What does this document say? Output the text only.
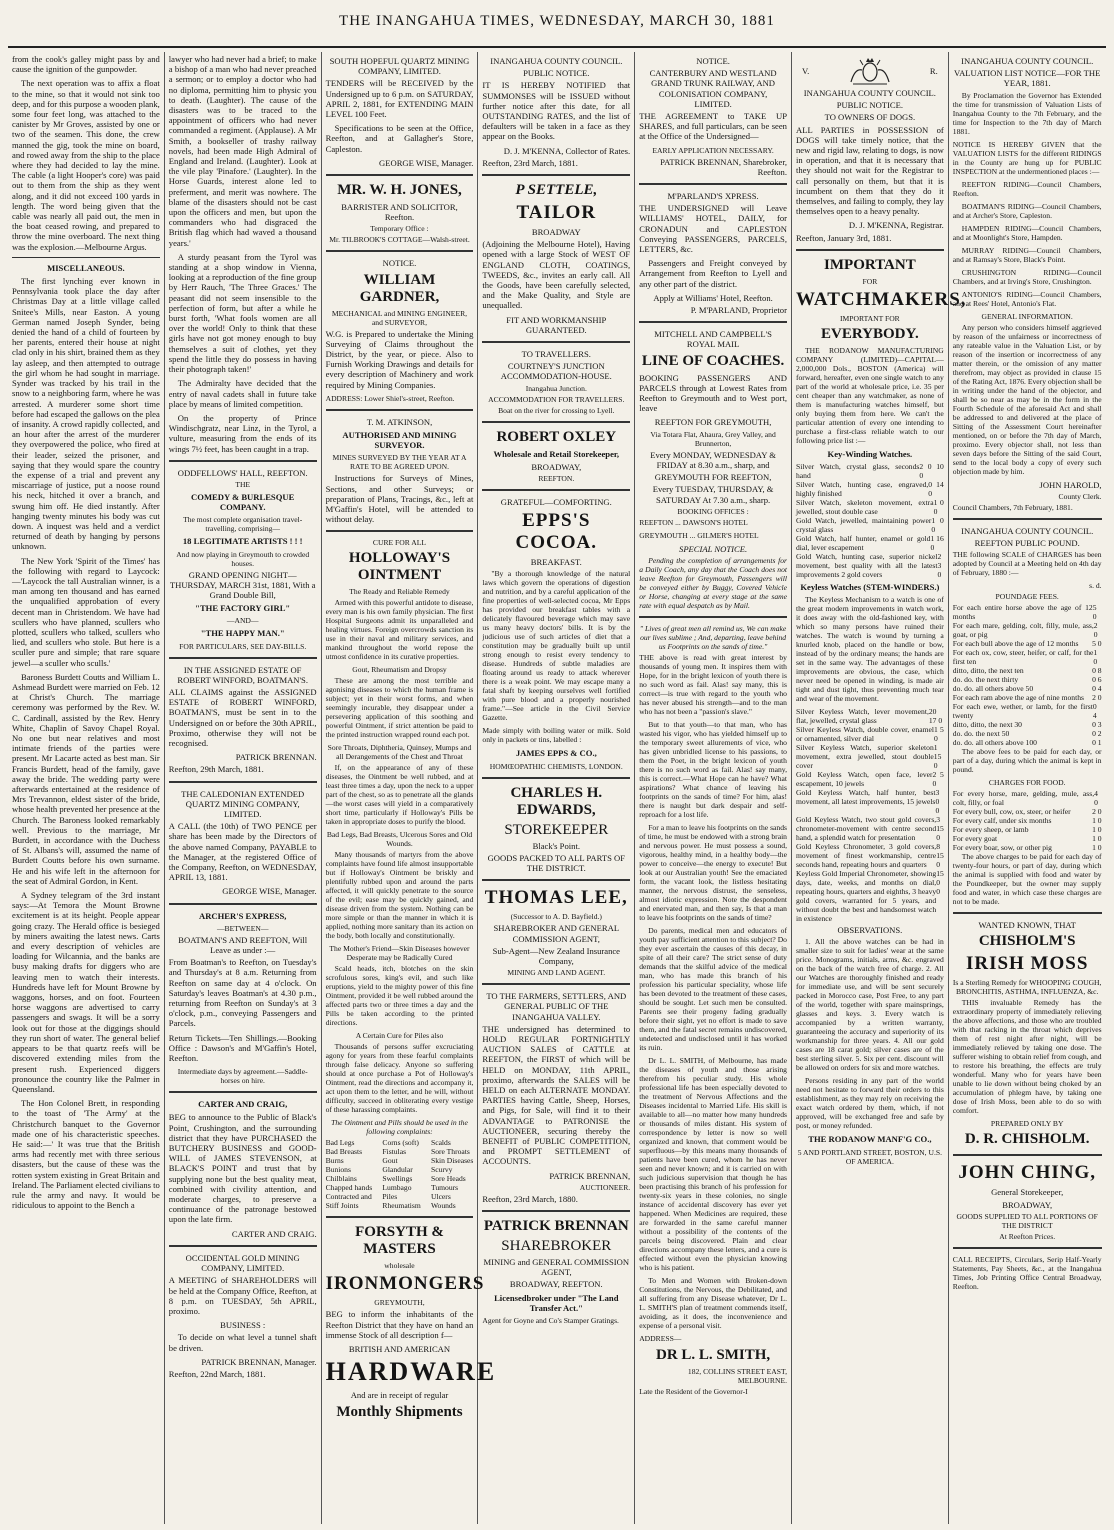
THE INANGAHUA TIMES, WEDNESDAY, MARCH 30, 1881

from the cook's galley might pass by and cause the ignition of the gunpowder.

The next operation was to affix a float to the mine, so that it would not sink too deep, and for this purpose a wooden plank, some four feet long, was attached to the canister by Mr Groves, assisted by one or two of the seamen. This done, the crew manned the gig, took the mine on board, and rowed away from the ship to the place where they had decided to lay the mine. The cable (a light Hooper's core) was paid out to them from the ship as they went along, and it did not exceed 100 yards in length. The word being given that the cable was nearly all paid out, the men in the boat ceased rowing, and prepared to throw the mine overboard. The next thing was the explosion.—Melbourne Argus.

MISCELLANEOUS.

The first lynching ever known in Pennsylvania took place the day after Christmas Day at a little village called Snitee's Mills, near Easton. A young German named Joseph Synder, being denied the hand of a child of fourteen by her parents, entered their house at night clad only in his shirt, brained them as they lay asleep, and then attempted to outrage the girl whom he had sought in marriage. Synder was tracked by his trail in the snow to a neighboring farm, where he was arrested. A murderer some short time before had escaped the gallows on the plea of insanity. A crowd rapidly collected, and an hour after the arrest of the murderer they overpowered the police, who fired at their leader, seized the prisoner, and saying that they would spare the country the expense of a trial and prevent any miscarriage of justice, put a noose round his neck, hitched it over a branch, and swung him off. He died instantly. After hanging twenty minutes his body was cut down. A inquest was held and a verdict returned of death by hanging by persons unknown.

The New York 'Spirit of the Times' has the following with regard to Laycock:—'Laycock the tall Australian winner, is a man among ten thousand and has earned the unqualified approbation of every decent man in Christendom. We have had scullers who have planned, scullers who plotted, scullers who talked, scullers who lied, and scullers who stole. But here is a sculler pure and simple; that rare square jewel—a sculler who sculls.'

Baroness Burdett Coutts and William L. Ashmead Burdett were married on Feb. 12 at Christ's Church. The marriage ceremony was performed by the Rev. W. C. Cardinall, assisted by the Rev. Henry White, Chaplin of Savoy Chapel Royal. No one but near relatives and most intimate friends of the parties were present. Mr Lacarte acted as best man. Sir Francis Burdett, head of the family, gave away the bride. The wedding party were afterwards entertained at the residence of Mrs Trevannon, eldest sister of the bride, whose health prevented her presence at the Church. The Baroness looked remarkably well. Previous to the marriage, Mr Burdett, in accordance with the Duchess of St. Albans's will, assumed the name of Burdett Coutts before his own surname. He and his wife left in the afternoon for the seat of Admiral Gordon, in Kent.

A Sydney telegram of the 3rd instant says:—At Temora the Mount Browne excitement is at its height. People appear going crazy. The Herald office is besieged by miners awaiting the latest news. Carts and every description of vehicles are loading for Wilcannia, and the banks are busy making drafts for diggers who are leaving men to watch their interests. Hundreds have left for Mount Browne by waggons, horses, and on foot. Fourteen horse waggons are advertised to carry passengers and swags. It will be a sorry look out for those at the diggings should they run short of water. The general belief appears to be that quartz reefs will be discovered extending miles from the present rush. Experienced diggers pronounce the country like the Palmer in Queensland.

The Hon Colonel Brett, in responding to the toast of 'The Army' at the Christchurch banquet to the Governor made one of his characteristic speeches. He said:—' It was true that the British arms had recently met with three serious disasters, but the cause of these was the rotten system existing in Great Britain and Ireland. The Parliament elected civilians to rule the army and navy. It would be ridiculous to appoint to the Bench a

lawyer who had never had a brief; to make a bishop of a man who had never preached a sermon; or to employ a doctor who had no diploma, permitting him to physic you to death. (Laughter). The cause of the disasters was to be traced to the appointment of officers who had never commanded a regiment. (Applause). A Mr Smith, a bookseller of trashy railway novels, had been made High Admiral of England and Ireland. (Laughter). Look at the vile play 'Pinafore.' (Laughter). In the Horse Guards, interest alone led to preferment, and merit was nowhere. The blame of the disasters should not be cast upon the officers and men, but upon the commanders who had disgraced the British flag which had waved a thousand years.'

A sturdy peasant from the Tyrol was standing at a shop window in Vienna, looking at a reproduction of the fine group by Herr Rauch, 'The Three Graces.' The peasant did not seem insensible to the perfection of form, but after a while he burst forth, 'What fools women are all over the world! Only to think that these girls have not got money enough to buy themselves a suit of clothes, yet they spend the little they do possess in having their photograph taken!'

The Admiralty have decided that the entry of naval cadets shall in future take place by means of limited competition.

On the property of Prince Windischgratz, near Linz, in the Tyrol, a vulture, measuring from the ends of its wings 7½ feet, has been caught in a trap.

ODDFELLOWS' HALL, REEFTON.

THE

COMEDY & BURLESQUE COMPANY.

The most complete organisation travel-travelling, comprising—

18 LEGITIMATE ARTISTS ! ! !

And now playing in Greymouth to crowded houses.

GRAND OPENING NIGHT— THURSDAY, MARCH 31st, 1881, With a Grand Double Bill,

"THE FACTORY GIRL"

—AND—

"THE HAPPY MAN."

FOR PARTICULARS, SEE DAY-BILLS.

IN THE ASSIGNED ESTATE OF ROBERT WINFORD, BOATMAN'S.

ALL CLAIMS against the ASSIGNED ESTATE of ROBERT WINFORD, BOATMAN'S, must be sent in to the Undersigned on or before the 30th APRIL, Proximo, otherwise they will not be recognised.

PATRICK BRENNAN.

Reefton, 29th March, 1881.

THE CALEDONIAN EXTENDED QUARTZ MINING COMPANY, LIMITED.

A CALL (the 10th) of TWO PENCE per share has been made by the Directors of the above named Company, PAYABLE to the Manager, at the registered Office of the Company, Reefton, on WEDNESDAY, APRIL 13, 1881.

GEORGE WISE, Manager.

ARCHER'S EXPRESS,

—BETWEEN—

BOATMAN'S AND REEFTON, Will Leave as under :—

From Boatman's to Reefton, on Tuesday's and Thursday's at 8 a.m. Returning from Reefton on same day at 4 o'clock. On Saturday's leaves Boatman's at 4.30 p.m., returning from Reefton on Sunday's at 3 o'clock, p.m., conveying Passengers and Parcels.

Return Tickets—Ten Shillings.—Booking Office : Dawson's and M'Gaffin's Hotel, Reefton.

Intermediate days by agreement.—Saddle-horses on hire.

CARTER AND CRAIG,

BEG to announce to the Public of Black's Point, Crushington, and the surrounding district that they have PURCHASED the BUTCHERY BUSINESS and GOOD-WILL of JAMES STEVENSON, at BLACK'S POINT and trust that by supplying none but the best quality meat, combined with civility attention, and moderate charges, to preserve a continuance of the patronage bestowed upon the late firm.

CARTER AND CRAIG.

OCCIDENTAL GOLD MINING COMPANY, LIMITED.

A MEETING of SHAREHOLDERS will be held at the Company Office, Reefton, at 8 p.m. on TUESDAY, 5th APRIL, proximo.

BUSINESS :

To decide on what level a tunnel shaft be driven.

PATRICK BRENNAN, Manager.

Reefton, 22nd March, 1881.

SOUTH HOPEFUL QUARTZ MINING COMPANY, LIMITED.

TENDERS will be RECEIVED by the Undersigned up to 6 p.m. on SATURDAY, APRIL 2, 1881, for EXTENDING MAIN LEVEL 100 Feet.

Specifications to be seen at the Office, Reefton, and at Gallagher's Store, Capleston.

GEORGE WISE, Manager.

MR. W. H. JONES,

BARRISTER AND SOLICITOR, Reefton.

Temporary Office :

Mr. TILBROOK'S COTTAGE—Walsh-street.

NOTICE.

WILLIAM GARDNER,

MECHANICAL and MINING ENGINEER, and SURVEYOR,

W.G. is Prepared to undertake the Mining Surveying of Claims throughout the District, by the year, or piece. Also to Furnish Working Drawings and details for every description of Machinery and work required by Mining Companies.

ADDRESS: Lower Shiel's-street, Reefton.

T. M. ATKINSON,

AUTHORISED AND MINING SURVEYOR.

MINES SURVEYED BY THE YEAR AT A RATE TO BE AGREED UPON.

Instructions for Surveys of Mines, Sections, and other Surveys; or preparation of Plans, Tracings, &c., left at M'Gaffin's Hotel, will be attended to without delay.

CURE FOR ALL

HOLLOWAY'S OINTMENT

The Ready and Reliable Remedy

Armed with this powerful antidote to disease, every man is his own family physician. The first Hospital Surgeons admit its unparalleled and healing virtues. Foreign overcrowds sanction its use in their naval and military services, and mankind throughout the world repose the utmost confidence in its curative properties.

Gout, Rheumatism and Dropsy

These are among the most terrible and agonising diseases to which the human frame is subject; yet in their worst forms, and when seemingly incurable, they disappear under a persevering application of this soothing and powerful Ointment, if strict attention be paid to the printed instruction wrapped round each pot.

Sore Throats, Diphtheria, Quinsey, Mumps and all Derangements of the Chest and Throat

If, on the appearance of any of these diseases, the Ointment be well rubbed, and at least three times a day, upon the neck to a upper part of the chest, so as to penetrate all the glands—the worst cases will yield in a comparatively short time, particularly if Holloway's Pills be taken in appropriate doses to purify the blood.

Bad Legs, Bad Breasts, Ulcerous Sores and Old Wounds.

Many thousands of martyrs from the above complaints have found life almost insupportable but if Holloway's Ointment be briskly and plentifully rubbed upon and around the parts affected, it will quickly penetrate to the source of the evil; ease may be quickly gained, and disease driven from the system. Nothing can be more simple or than the manner in which it is applied, nothing more sanitary than its action on the body, both locally and constitutionally.

The Mother's Friend—Skin Diseases however Desperate may be Radically Cured

Scald heads, itch, blotches on the skin scrofulous sores, king's evil, and such like eruptions, yield to the mighty power of this fine Ointment, provided it be well rubbed around the affected parts two or three times a day and the Pills be taken according to the printed directions.

A Certain Cure for Piles also

Thousands of persons suffer excruciating agony for years from these fearful complaints through false delicacy. Anyone so suffering should at once purchase a Pot of Holloway's Ointment, read the directions and accompany it, act upon them to the letter, and he will, without difficulty, succeed in obliterating every vestige of these harassing complaints.

The Ointment and Pills should be used in the following complaints:

Bad Legs
Bad Breasts
Burns
Bunions
Chilblains
Chapped hands
Contracted and
Stiff Joints
Corns (soft)
Fistulas
Gout
Glandular
Swellings
Lumbago
Piles
Rheumatism
Scalds
Sore Throats
Skin Diseases
Scurvy
Sore Heads
Tumours
Ulcers
Wounds

FORSYTH & MASTERS

wholesale

IRONMONGERS

GREYMOUTH,

BEG to inform the inhabitants of the Reefton District that they have on hand an immense Stock of all description f—

BRITISH AND AMERICAN

HARDWARE

And are in receipt of regular

Monthly Shipments

INANGAHUA COUNTY COUNCIL.

PUBLIC NOTICE.

IT IS HEREBY NOTIFIED that SUMMONSES will be ISSUED without further notice after this date, for all OUTSTANDING RATES, and the list of defaulters will be taken in a face as they appear on the Books.

D. J. M'KENNA, Collector of Rates.

Reefton, 23rd March, 1881.

P SETTELE,

TAILOR

BROADWAY

(Adjoining the Melbourne Hotel), Having opened with a large Stock of WEST OF ENGLAND CLOTH, COATINGS, TWEEDS, &c., invites an early call. All the Goods, have been carefully selected, and the Make Quality, and Style are unequalled.

FIT AND WORKMANSHIP GUARANTEED.

TO TRAVELLERS.

COURTNEY'S JUNCTION ACCOMMODATION-HOUSE.

Inangahua Junction.

ACCOMMODATION FOR TRAVELLERS.

Boat on the river for crossing to Lyell.

ROBERT OXLEY

Wholesale and Retail Storekeeper,

BROADWAY,

REEFTON.

GRATEFUL—COMFORTING.

EPPS'S COCOA.

BREAKFAST.

"By a thorough knowledge of the natural laws which govern the operations of digestion and nutrition, and by a careful application of the fine properties of well-selected cocoa, Mr Epps has provided our breakfast tables with a delicately flavoured beverage which may save us many heavy doctors' bills. It is by the judicious use of such articles of diet that a constitution may be gradually built up until strong enough to resist every tendency to disease. Hundreds of subtle maladies are floating around us ready to attack wherever there is a weak point. We may escape many a fatal shaft by keeping ourselves well fortified with pure blood and a properly nourished frame."—See article in the Civil Service Gazette.

Made simply with boiling water or milk. Sold only in packets or tins, labelled :

JAMES EPPS & CO.,

HOMŒOPATHIC CHEMISTS, LONDON.

CHARLES H. EDWARDS,

STOREKEEPER

Black's Point.

GOODS PACKED TO ALL PARTS OF THE DISTRICT.

THOMAS LEE,

(Successor to A. D. Bayfield.)

SHAREBROKER AND GENERAL COMMISSION AGENT,

Sub-Agent—New Zealand Insurance Company,

MINING AND LAND AGENT.

TO THE FARMERS, SETTLERS, AND GENERAL PUBLIC OF THE INANGAHUA VALLEY.

THE undersigned has determined to HOLD REGULAR FORTNIGHTLY AUCTION SALES of CATTLE at REEFTON, the FIRST of which will be HELD on MONDAY, 11th APRIL, proximo, afterwards the SALES will be HELD on each ALTERNATE MONDAY. PARTIES having Cattle, Sheep, Horses, and Pigs, for Sale, will find it to their ADVANTAGE to PATRONISE the AUCTIONEER, securing thereby the BENEFIT of PUBLIC COMPETITION, and PROMPT SETTLEMENT of ACCOUNTS.

PATRICK BRENNAN,

AUCTIONEER.

Reefton, 23rd March, 1880.

PATRICK BRENNAN

SHAREBROKER

MINING and GENERAL COMMISSION AGENT,

BROADWAY, REEFTON.

Licensedbroker under "The Land Transfer Act."

Agent for Goyne and Co's Stamper Gratings.

NOTICE.

CANTERBURY AND WESTLAND GRAND TRUNK RAILWAY, AND COLONISATION COMPANY, LIMITED.

THE AGREEMENT to TAKE UP SHARES, and full particulars, can be seen at the Office of the Undersigned—

EARLY APPLICATION NECESSARY.

PATRICK BRENNAN, Sharebroker, Reefton.

M'PARLAND'S XPRESS.

THE UNDERSIGNED will Leave WILLIAMS' HOTEL, DAILY, for CRONADUN and CAPLESTON Conveying PASSENGERS, PARCELS, LETTERS, &c.

Passengers and Freight conveyed by Arrangement from Reefton to Lyell and any other part of the district.

Apply at Williams' Hotel, Reefton.

P. M'PARLAND, Proprietor

MITCHELL AND CAMPBELL'S ROYAL MAIL

LINE OF COACHES.

BOOKING PASSENGERS AND PARCELS through at Lowest Rates from Reefton to Greymouth and to West port, leave

REEFTON FOR GREYMOUTH,

Via Totara Flat, Ahaura, Grey Valley, and Brunnerton,

Every MONDAY, WEDNESDAY & FRIDAY at 8.30 a.m., sharp, and

GREYMOUTH FOR REEFTON,

Every TUESDAY, THURSDAY, & SATURDAY At 7.30 a.m., sharp.

BOOKING OFFICES :

REEFTON ... DAWSON'S HOTEL

GREYMOUTH ... GILMER'S HOTEL

SPECIAL NOTICE.

Pending the completion of arrangements for a Daily Coach, any day that the Coach does not leave Reefton for Greymouth, Passengers will be conveyed either by Buggy, Covered Vehicle or Horse, changing at every stage at the same rate with equal despatch as by Mail.

" Lives of great men all remind us, We can make our lives sublime ; And, departing, leave behind us Footprints on the sands of time."

THE above is read with great interest by thousands of young men. It inspires them with Hope, for in the bright lexicon of youth there is no such word as fail. Alas! say many, this is correct—is true with regard to the youth who has never abused his strength—and to the man who has not been a "passion's slave."

But to that youth—to that man, who has wasted his vigor, who has yielded himself up to the temporary sweet allurements of vice, who has given unbridled license to his passions, to them the Poet, in the bright lexicon of youth there is no such word as fail. Alas! say many, this is correct.—What Hope can he have? What aspirations? What chance of leaving his footprints on the sands of time? For him, alas! there is naught but dark despair and self-reproach for a lost life.

For a man to leave his footprints on the sands of time, he must be endowed with a strong brain and nervous power. He must possess a sound, vigorous, healthy mind, in a healthy body—the power to conceive—the energy to execute! But look at our Australian youth! See the emaciated form, the vacant look, the listless hesitating manner, the nervous distrust, the senseless, almost idiotic expression. Note the despondent and enervated man, and then say, Is that a man to leave his footprints on the sands of time?

Do parents, medical men and educators of youth pay sufficient attention to this subject? Do they ever ascertain the causes of this decay, in spite of all their care? The strict sense of duty demands that the skilful advice of the medical man, who has made this branch of his profession his particular speciality, whose life has been devoted to the treatment of these cases, should be sought. Let such men be consulted. Parents see their progeny fading gradually before their sight, yet no effort is made to save them, and the fatal secret remains undiscovered, undetected and undisclosed until it has worked its ruin.

Dr L. L. SMITH, of Melbourne, has made the diseases of youth and those arising therefrom his peculiar study. His whole professional life has been especially devoted to the treatment of Nervous Affections and the Diseases incidental to Married Life. His skill is available to all—no matter how many hundreds or thousands of miles distant. His system of correspondence by letter is now so well organized and known, that comment would be superfluous—by this means many thousands of patients have been cured, whom he has never seen and never known; and it is carried on with such judicious supervision that though he has been practising this branch of his profession for twenty-six years in these colonies, no single instance of accidental discovery has ever yet happened. When Medicines are required, these are forwarded in the same careful manner without a possibility of the contents of the parcels being discovered. Plain and clear directions accompany these letters, and a cure is effected without even the physician knowing who is his patient.

To Men and Women with Broken-down Constitutions, the Nervous, the Debilitated, and all suffering from any Disease whatever, Dr L. L. SMITH'S plan of treatment commends itself, avoiding, as it does, the inconvenience and expense of a personal visit.

ADDRESS—

DR L. L. SMITH,

182, COLLINS STREET EAST, MELBOURNE.

Late the Resident of the Governor-I

V.	R.

INANGAHUA COUNTY COUNCIL.

PUBLIC NOTICE.

TO OWNERS OF DOGS.

ALL PARTIES in POSSESSION of DOGS will take timely notice, that the new and rigid law, relating to dogs, is now in operation, and that it is necessary that they should not wait for the Registrar to call personally on them, but that it is incumbent on them that they do it themselves, and failing to comply, they lay themselves open to a heavy penalty.

D. J. M'KENNA, Registrar.

Reefton, January 3rd, 1881.

IMPORTANT

FOR

WATCHMAKERS,

IMPORTANT FOR

EVERYBODY.

THE RODANOW MANUFACTURING COMPANY (LIMITED)—CAPITAL—2,000,000 Dols., BOSTON (America) will forward, hereafter, even one single watch to any part of the world at wholesale price, i.e. 35 per cent cheaper than any watchmaker, as none of them is manufacturing watches himself, but only buying them from here. We can't the particular attention of every one intending to purchase a first-class reliable watch to our following price list :—

Key-Winding Watches.

Silver Watch, crystal glass, seconds hand
2 0 10 0
Silver Watch, hunting case, engraved, highly finished
0 14 0
Silver Watch, skeleton movement, extra jewelled, stout double case
1 0 0
Gold Watch, jewelled, maintaining power crystal glass
1 0 0
Gold Watch, half hunter, enamel or gold dial, lever escapement
1 16 0
Gold Watch, hunting case, superior nickel movement, best quality with all the latest improvements 2 gold covers
2 3 0

Keyless Watches (STEM-WINDERS.)

The Keyless Mechanism to a watch is one of the great modern improvements in watch work, it does away with the old-fashioned key, with which so many persons have ruined their watches. The watch is wound by turning a knurled knob, placed on the handle or bow, instead of by the ordinary means; the hands are set in the same way. The advantages of these improvements are obvious, the case, which never need be opened in winding, is made air tight and dust tight, thus preventing much tear and wear of the movement.

Silver Keyless Watch, lever movement, flat, jewelled, crystal glass
20 17 0
Silver Keyless Watch, double cover, enamel or ornamented, silver dial
1 5 0
Silver Keyless Watch, superior skeleton movement, extra jewelled, stout double cover
1 15 0
Gold Keyless Watch, open face, lever escapement, 10 jewels
2 5 0
Gold Keyless Watch, half hunter, best movement, all latest improvements, 15 jewels
3 0 0
Gold Keyless Watch, two stout gold covers, chronometer-movement with centre second hand, a splendid watch for presentation
3 15 0
Gold Keyless Chronometer, 3 gold covers, movement of finest workmanship, centre seconds hand, repeating hours and quarters
8 15 0
Keyless Gold Imperial Chronometer, showing days, date, weeks, and months on dial, repeating hours, quarters and eighths, 3 heavy gold covers, warranted for 5 years, and without doubt the best and handsomest watch in existence
15 0 0

OBSERVATIONS.

1. All the above watches can be had in smaller size to suit for ladies' wear at the same price. Monograms, initials, arms, &c. engraved on the back of the watch free of charge. 2. All our Watches are thoroughly finished and ready for immediate use, and will be sent securely packed in Morocco case, Post Free, to any part of the world, together with spare mainsprings, glasses and keys. 3. Every watch is accompanied by a written warranty, guaranteeing the accuracy and superiority of its workmanship for three years. 4. All our gold cases are 18 carat gold; silver cases are of the best sterling silver. 5. Six per cent. discount will be allowed on orders for six and more watches.

Persons residing in any part of the world need not hesitate to forward their orders to this establishment, as they may rely on receiving the exact watch ordered by them, which, if not approved, will be exchanged free and safe by post, or money refunded.

THE RODANOW MANF'G CO.,

5 AND PORTLAND STREET, BOSTON, U.S. OF AMERICA.

INANGAHUA COUNTY COUNCIL.

VALUATION LIST NOTICE—FOR THE YEAR, 1881.

By Proclamation the Governor has Extended the time for transmission of Valuation Lists of Inangahua County to the 7th February, and the time for Inspection to the 7th day of March 1881.

NOTICE IS HEREBY GIVEN that the VALUATION LISTS for the different RIDINGS in the County are hung up for PUBLIC INSPECTION at the undermentioned places :—

REEFTON RIDING—Council Chambers, Reefton.

BOATMAN'S RIDING—Council Chambers, and at Archer's Store, Capleston.

HAMPDEN RIDING—Council Chambers, and at Moonlight's Store, Hampden.

MURRAY RIDING—Council Chambers, and at Ramsay's Store, Black's Point.

CRUSHINGTON RIDING—Council Chambers, and at Irving's Store, Crushington.

ANTONIO'S RIDING—Council Chambers, and at Rees' Hotel, Antonio's Flat.

GENERAL INFORMATION.

Any person who considers himself aggrieved by reason of the unfairness or incorrectness of any rateable value in the Valuation List, or by reason of the insertion or incorrectness of any matter therein, or the omission of any matter therefrom, may object as provided in clause 15 of the Rating Act, 1876. Every objection shall be in writing under the hand of the objector, and shall be so near as may be in the form in the Fourth Schedule of the aforesaid Act and shall be addressed to and delivered at the place of Sitting of the Assessment Court hereinafter mentioned, on or before the 7th day of March, proximo. Every objector shall, not less than seven days before the Sitting of the said Court, send to the local body a copy of every such objection made by him.

JOHN HAROLD,

County Clerk.

Council Chambers, 7th February, 1881.

INANGAHUA COUNTY COUNCIL.

REEFTON PUBLIC POUND.

THE following SCALE of CHARGES has been adopted by Council at a Meeting held on 4th day of February, 1880 :—

s. d.

POUNDAGE FEES.

For each entire horse above the age of 12 months
5 0
For each mare, gelding, colt, filly, mule, ass, goat, or pig
2 0
For each bull above the age of 12 months 5 0
For each ox, cow, steer, heifer, or calf, for the first ten
1 0
ditto, ditto, the next ten	0 8
do. do. the next thirty	0 6
do. do. all others above 50	0 4
For each ram above the age of nine months 2 0
For each ewe, wether, or lamb, for the first twenty
0 4
ditto, ditto, the next 30	0 3
do. do. the next 50	0 2
do. do. all others above 100	0 1

The above fees to be paid for each day, or part of a day, during which the animal is kept in pound.

CHARGES FOR FOOD.

For every horse, mare, gelding, mule, ass, colt, filly, or foal
4 0
For every bull, cow, ox, steer, or heifer	2 0
For every calf, under six months	1 0
For every sheep, or lamb	1 0
For every goat	1 0
For every boar, sow, or other pig	1 0

The above charges to be paid for each day of twenty-four hours, or part of day, during which the animal is supplied with food and water by the Poundkeeper, but the owner may supply food and water, in which case these charges are not to be made.

WANTED KNOWN, THAT

CHISHOLM'S

IRISH MOSS

Is a Sterling Remedy for WHOOPING COUGH, BRONCHITIS, ASTHMA, INFLUENZA, &c.

THIS invaluable Remedy has the extraordinary property of immediately relieving the above affections, and those who are troubled with that racking in the throat which deprives them of rest night after night, will be immediately relieved by taking one dose. The sufferer wishing to obtain relief from cough, and to restore his breathing, the effects are truly wonderful. Many who for years have been unable to lie down without being choked by an accumulation of phlegm have, by taking one dose of Irish Moss, been able to do so with comfort.

PREPARED ONLY BY

D. R. CHISHOLM.

JOHN CHING,

General Storekeeper,

BROADWAY,

GOODS SUPPLIED TO ALL PORTIONS OF THE DISTRICT

At Reefton Prices.

CALL RECEIPTS, Circulars, Serip Half-Yearly Statements, Pay Sheets, &c., at the Inangahua Times, Job Printing Office Central Broadway, Reefton.
